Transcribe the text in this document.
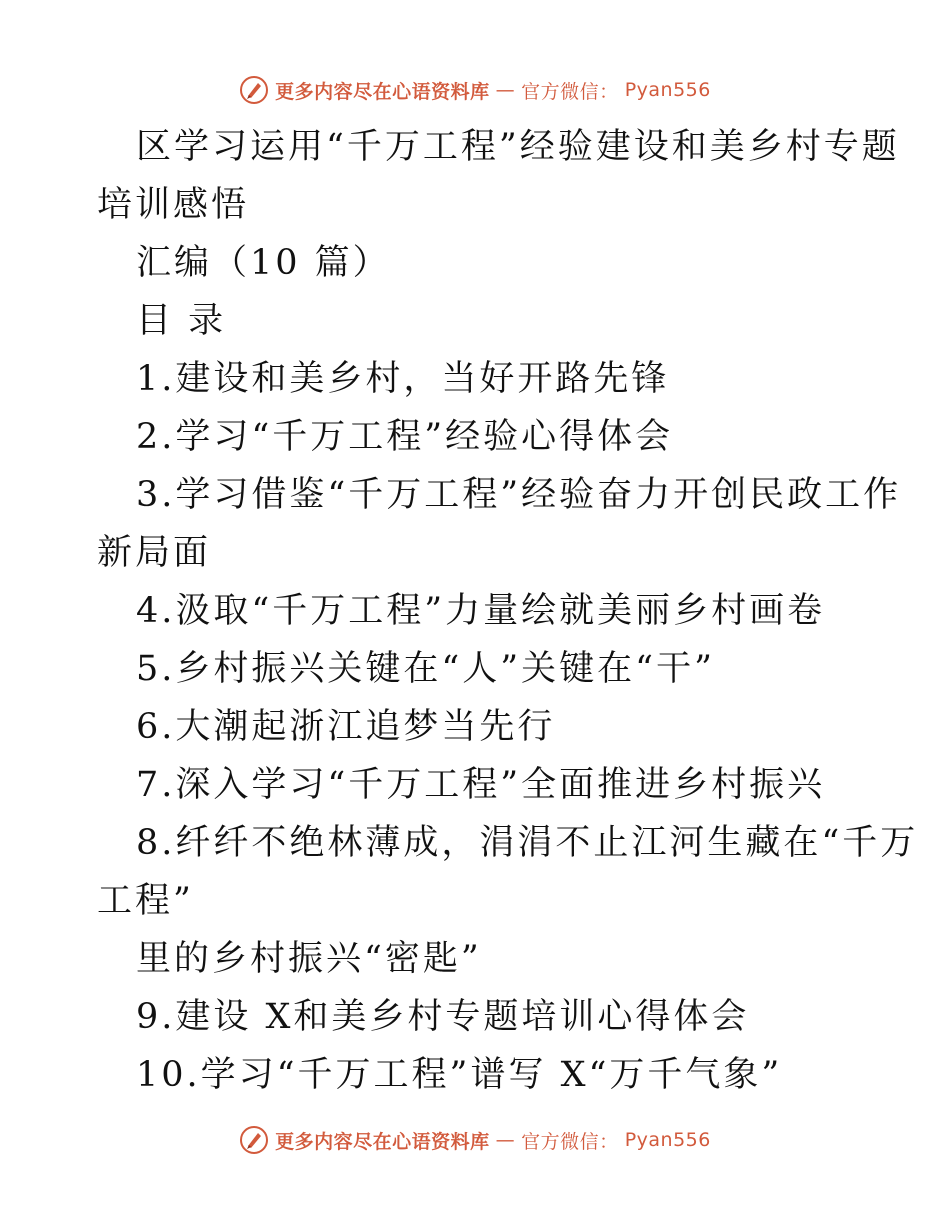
更多内容尽在心语资料库 — 官方微信： Pyan556
区学习运用“千万工程”经验建设和美乡村专题
培训感悟
汇编（10 篇）
目 录
1.建设和美乡村，当好开路先锋
2.学习“千万工程”经验心得体会
3.学习借鉴“千万工程”经验奋力开创民政工作
新局面
4.汲取“千万工程”力量绘就美丽乡村画卷
5.乡村振兴关键在“人”关键在“干”
6.大潮起浙江追梦当先行
7.深入学习“千万工程”全面推进乡村振兴
8.纤纤不绝林薄成，涓涓不止江河生藏在“千万
工程”
里的乡村振兴“密匙”
9.建设 X和美乡村专题培训心得体会
10.学习“千万工程”谱写 X“万千气象”
更多内容尽在心语资料库 — 官方微信： Pyan556
